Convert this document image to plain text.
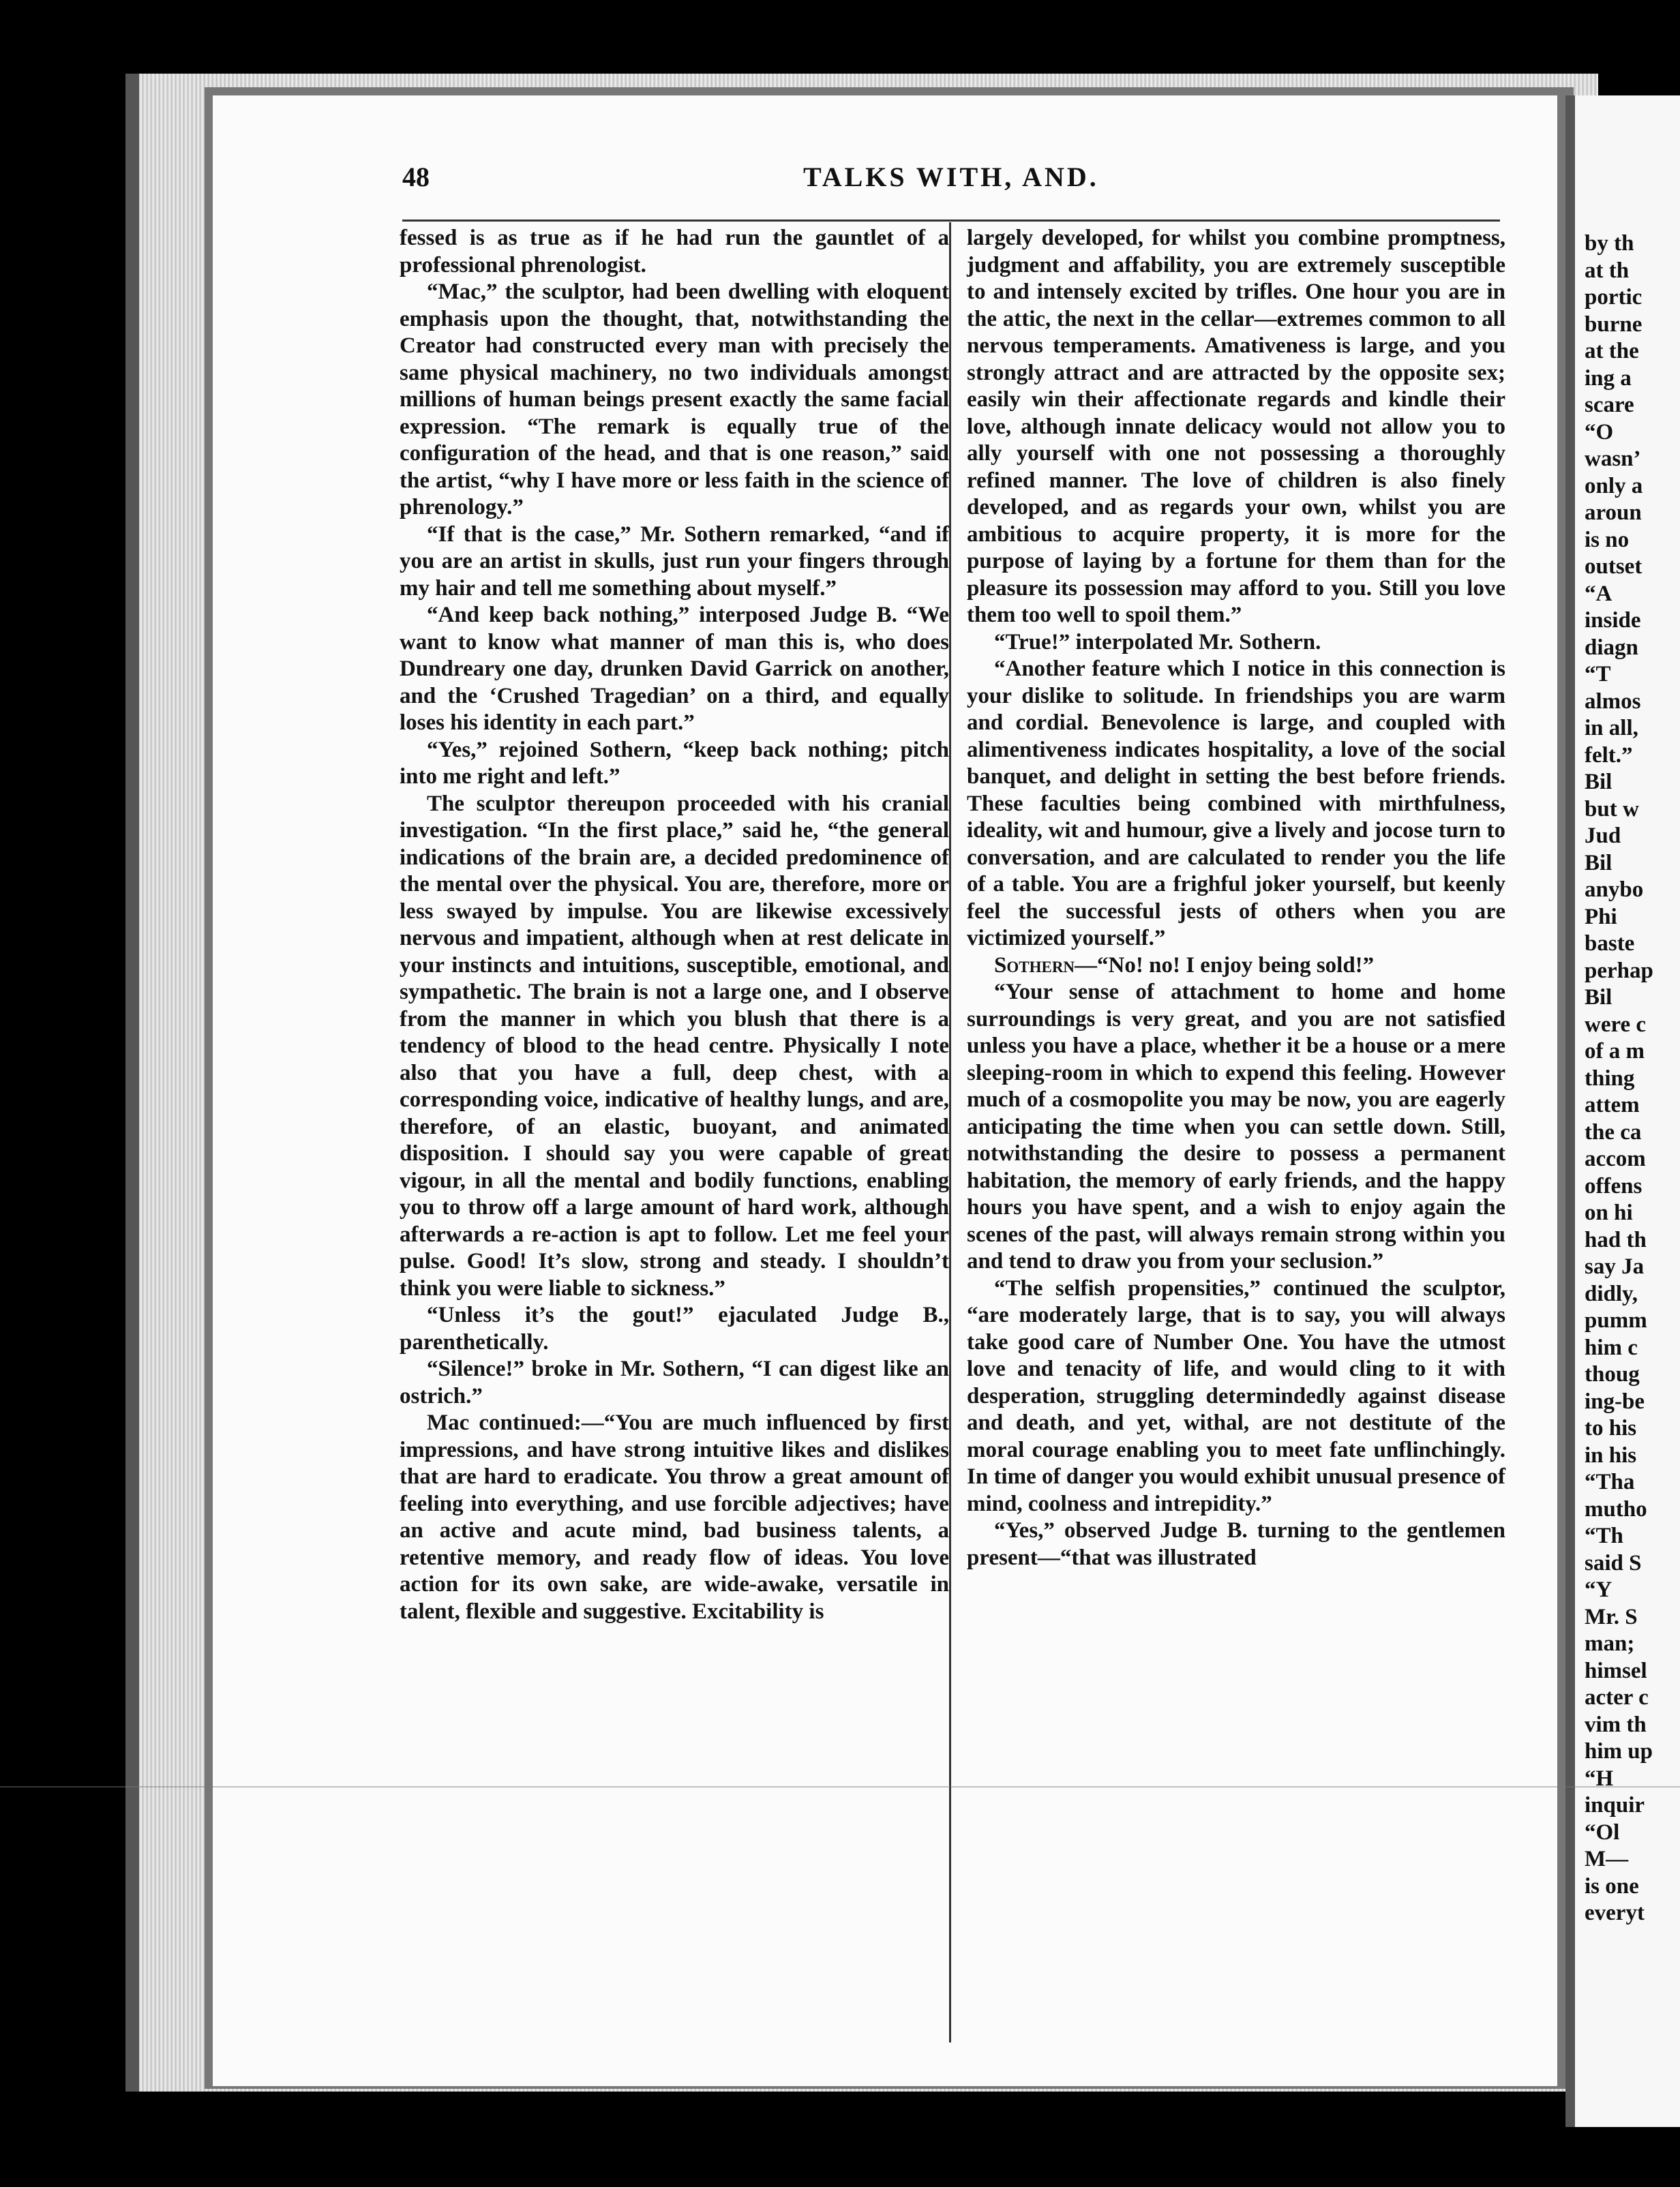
48	TALKS WITH, AND.

fessed is as true as if he had run the gauntlet of a professional phrenologist.

“Mac,” the sculptor, had been dwelling with eloquent emphasis upon the thought, that, notwithstanding the Creator had constructed every man with precisely the same physical machinery, no two individuals amongst millions of human beings present exactly the same facial expression. “The remark is equally true of the configuration of the head, and that is one reason,” said the artist, “why I have more or less faith in the science of phrenology.”

“If that is the case,” Mr. Sothern remarked, “and if you are an artist in skulls, just run your fingers through my hair and tell me something about myself.”

“And keep back nothing,” interposed Judge B. “We want to know what manner of man this is, who does Dundreary one day, drunken David Garrick on another, and the ‘Crushed Tragedian’ on a third, and equally loses his identity in each part.”

“Yes,” rejoined Sothern, “keep back nothing; pitch into me right and left.”

The sculptor thereupon proceeded with his cranial investigation. “In the first place,” said he, “the general indications of the brain are, a decided predominence of the mental over the physical. You are, therefore, more or less swayed by impulse. You are likewise excessively nervous and impatient, although when at rest delicate in your instincts and intuitions, susceptible, emotional, and sympathetic. The brain is not a large one, and I observe from the manner in which you blush that there is a tendency of blood to the head centre. Physically I note also that you have a full, deep chest, with a corresponding voice, indicative of healthy lungs, and are, therefore, of an elastic, buoyant, and animated disposition. I should say you were capable of great vigour, in all the mental and bodily functions, enabling you to throw off a large amount of hard work, although afterwards a re-action is apt to follow. Let me feel your pulse. Good! It’s slow, strong and steady. I shouldn’t think you were liable to sickness.”

“Unless it’s the gout!” ejaculated Judge B., parenthetically.

“Silence!” broke in Mr. Sothern, “I can digest like an ostrich.”

Mac continued:—“You are much influenced by first impressions, and have strong intuitive likes and dislikes that are hard to eradicate. You throw a great amount of feeling into everything, and use forcible adjectives; have an active and acute mind, bad business talents, a retentive memory, and ready flow of ideas. You love action for its own sake, are wide-awake, versatile in talent, flexible and suggestive. Excitability is

largely developed, for whilst you combine promptness, judgment and affability, you are extremely susceptible to and intensely excited by trifles. One hour you are in the attic, the next in the cellar—extremes common to all nervous temperaments. Amativeness is large, and you strongly attract and are attracted by the opposite sex; easily win their affectionate regards and kindle their love, although innate delicacy would not allow you to ally yourself with one not possessing a thoroughly refined manner. The love of children is also finely developed, and as regards your own, whilst you are ambitious to acquire property, it is more for the purpose of laying by a fortune for them than for the pleasure its possession may afford to you. Still you love them too well to spoil them.”

“True!” interpolated Mr. Sothern.

“Another feature which I notice in this connection is your dislike to solitude. In friendships you are warm and cordial. Benevolence is large, and coupled with alimentiveness indicates hospitality, a love of the social banquet, and delight in setting the best before friends. These faculties being combined with mirthfulness, ideality, wit and humour, give a lively and jocose turn to conversation, and are calculated to render you the life of a table. You are a frighful joker yourself, but keenly feel the successful jests of others when you are victimized yourself.”

Sothern—“No! no! I enjoy being sold!”

“Your sense of attachment to home and home surroundings is very great, and you are not satisfied unless you have a place, whether it be a house or a mere sleeping-room in which to expend this feeling. However much of a cosmopolite you may be now, you are eagerly anticipating the time when you can settle down. Still, notwithstanding the desire to possess a permanent habitation, the memory of early friends, and the happy hours you have spent, and a wish to enjoy again the scenes of the past, will always remain strong within you and tend to draw you from your seclusion.”

“The selfish propensities,” continued the sculptor, “are moderately large, that is to say, you will always take good care of Number One. You have the utmost love and tenacity of life, and would cling to it with desperation, struggling determindedly against disease and death, and yet, withal, are not destitute of the moral courage enabling you to meet fate unflinchingly. In time of danger you would exhibit unusual presence of mind, coolness and intrepidity.”

“Yes,” observed Judge B. turning to the gentlemen present—“that was illustrated

by th
at th
portic
burne
at the
ing a
scare
“O
wasn’
only a
aroun
is no
outset
“A
inside
diagn
“T
almos
in all,
felt.”
Bil
but w
Jud
Bil
anybo
Phi
baste
perhap
Bil
were c
of a m
thing
attem
the ca
accom
offens
on hi
had th
say Ja
didly,
pumm
him c
thoug
ing-be
to his
in his
“Tha
mutho
“Th
said S
“Y
Mr. S
man;
himsel
acter c
vim th
him up
“H
inquir
“Ol
M—
is one
everyt
